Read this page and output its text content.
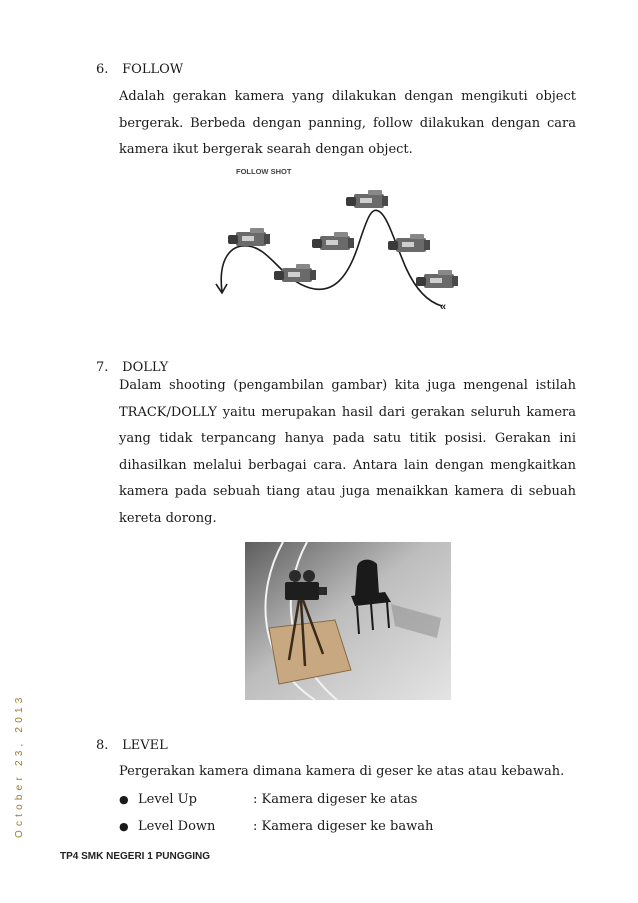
October 23, 2013
6. FOLLOW
Adalah gerakan kamera yang dilakukan dengan mengikuti object
bergerak. Berbeda dengan panning, follow dilakukan dengan cara
kamera ikut bergerak searah dengan object.
FOLLOW SHOT
«
7. DOLLY
Dalam shooting (pengambilan gambar) kita juga mengenal istilah
TRACK/DOLLY yaitu merupakan hasil dari gerakan seluruh kamera
yang tidak terpancang hanya pada satu titik posisi. Gerakan ini
dihasilkan melalui berbagai cara. Antara lain dengan mengkaitkan
kamera pada sebuah tiang atau juga menaikkan kamera di sebuah
kereta dorong.
8. LEVEL
Pergerakan kamera dimana kamera di geser ke atas atau kebawah.
● Level Up	: Kamera digeser ke atas
● Level Down	: Kamera digeser ke bawah
TP4 SMK NEGERI 1 PUNGGING
